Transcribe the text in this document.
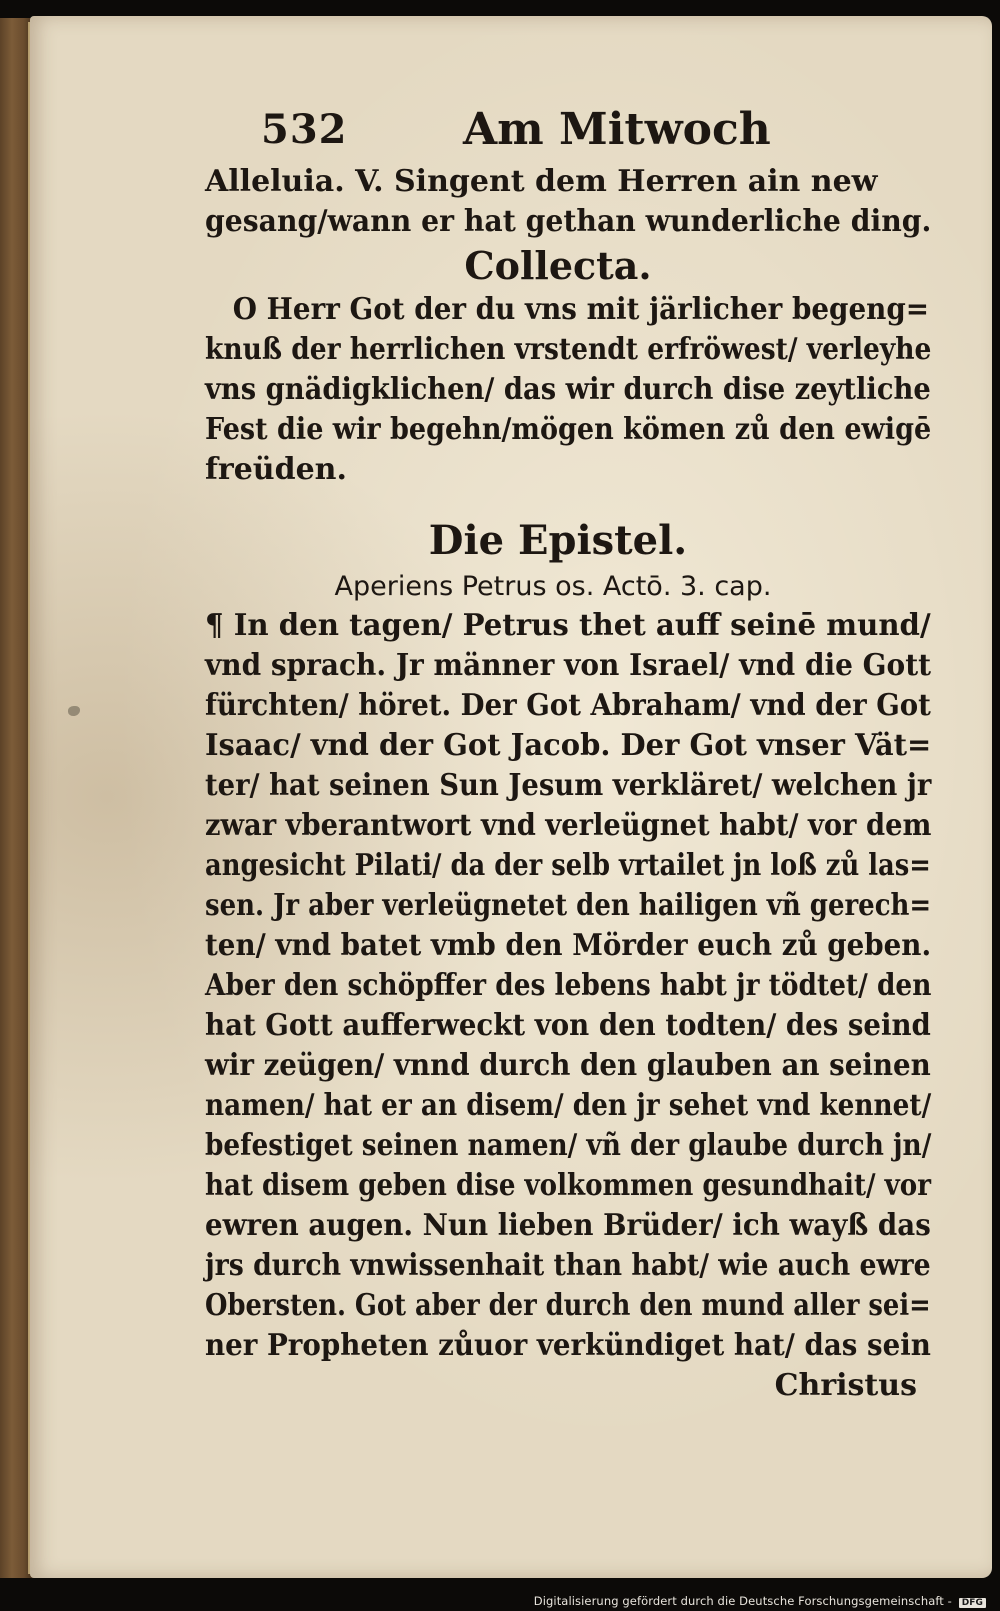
532	Am Mitwoch
Alleluia. V. Singent dem Herren ain new
gesang/wann er hat gethan wunderliche ding.
Collecta.
O Herr Got der du vns mit järlicher begeng=
knuß der herrlichen vrstendt erfröwest/ verleyhe
vns gnädigklichen/ das wir durch dise zeytliche
Fest die wir begehn/mögen kömen zů den ewigē
freüden.
Die Epistel.
Aperiens Petrus os. Actō. 3. cap.
¶ In den tagen/ Petrus thet auff seinē mund/
vnd sprach. Jr männer von Israel/ vnd die Gott
fürchten/ höret. Der Got Abraham/ vnd der Got
Isaac/ vnd der Got Jacob. Der Got vnser Vät=
ter/ hat seinen Sun Jesum verkläret/ welchen jr
zwar vberantwort vnd verleügnet habt/ vor dem
angesicht Pilati/ da der selb vrtailet jn loß zů las=
sen. Jr aber verleügnetet den hailigen vñ gerech=
ten/ vnd batet vmb den Mörder euch zů geben.
Aber den schöpffer des lebens habt jr tödtet/ den
hat Gott aufferweckt von den todten/ des seind
wir zeügen/ vnnd durch den glauben an seinen
namen/ hat er an disem/ den jr sehet vnd kennet/
befestiget seinen namen/ vñ der glaube durch jn/
hat disem geben dise volkommen gesundhait/ vor
ewren augen. Nun lieben Brüder/ ich wayß das
jrs durch vnwissenhait than habt/ wie auch ewre
Obersten. Got aber der durch den mund aller sei=
ner Propheten zůuor verkündiget hat/ das sein
Christus
Digitalisierung gefördert durch die Deutsche Forschungsgemeinschaft - DFG
